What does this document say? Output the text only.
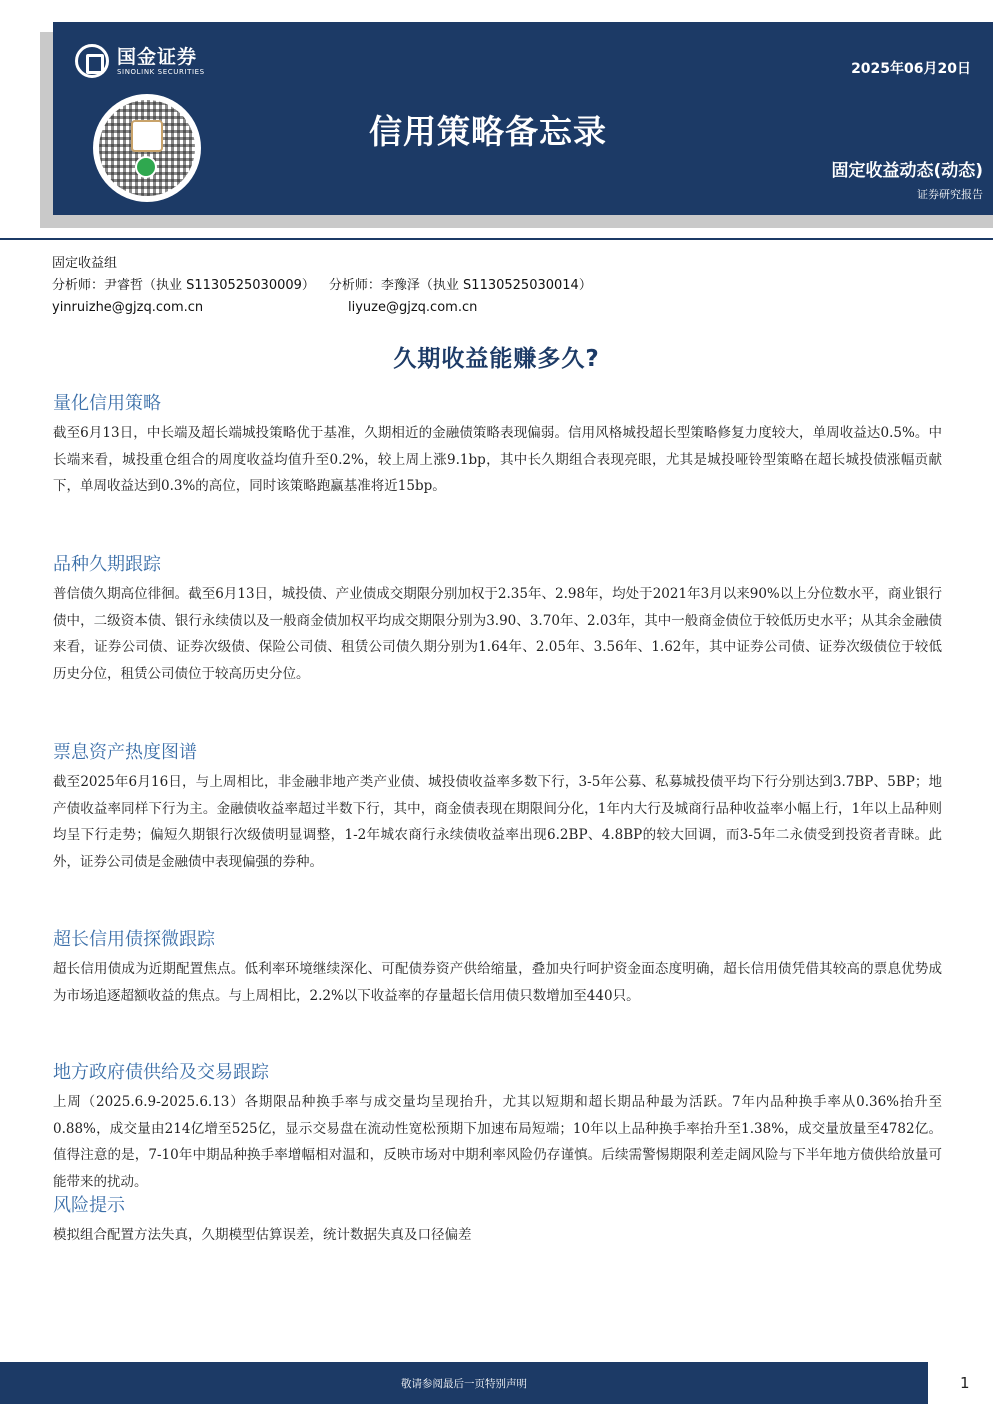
国金证券
SINOLINK SECURITIES	2025年06月20日
信用策略备忘录
固定收益动态(动态)
证券研究报告
固定收益组
分析师：尹睿哲（执业 S1130525030009） 分析师：李豫泽（执业 S1130525030014）
yinruizhe@gjzq.com.cn	liyuze@gjzq.com.cn
久期收益能赚多久?
量化信用策略

截至6月13日，中长端及超长端城投策略优于基准，久期相近的金融债策略表现偏弱。信用风格城投超长型策略修复力度较大，单周收益达0.5%。中长端来看，城投重仓组合的周度收益均值升至0.2%，较上周上涨9.1bp，其中长久期组合表现亮眼，尤其是城投哑铃型策略在超长城投债涨幅贡献下，单周收益达到0.3%的高位，同时该策略跑赢基准将近15bp。

品种久期跟踪

普信债久期高位徘徊。截至6月13日，城投债、产业债成交期限分别加权于2.35年、2.98年，均处于2021年3月以来90%以上分位数水平，商业银行债中，二级资本债、银行永续债以及一般商金债加权平均成交期限分别为3.90、3.70年、2.03年，其中一般商金债位于较低历史水平；从其余金融债来看，证券公司债、证券次级债、保险公司债、租赁公司债久期分别为1.64年、2.05年、3.56年、1.62年，其中证券公司债、证券次级债位于较低历史分位，租赁公司债位于较高历史分位。

票息资产热度图谱

截至2025年6月16日，与上周相比，非金融非地产类产业债、城投债收益率多数下行，3-5年公募、私募城投债平均下行分别达到3.7BP、5BP；地产债收益率同样下行为主。金融债收益率超过半数下行，其中，商金债表现在期限间分化，1年内大行及城商行品种收益率小幅上行，1年以上品种则均呈下行走势；偏短久期银行次级债明显调整，1-2年城农商行永续债收益率出现6.2BP、4.8BP的较大回调，而3-5年二永债受到投资者青睐。此外，证券公司债是金融债中表现偏强的券种。

超长信用债探微跟踪

超长信用债成为近期配置焦点。低利率环境继续深化、可配债券资产供给缩量，叠加央行呵护资金面态度明确，超长信用债凭借其较高的票息优势成为市场追逐超额收益的焦点。与上周相比，2.2%以下收益率的存量超长信用债只数增加至440只。

地方政府债供给及交易跟踪

上周（2025.6.9-2025.6.13）各期限品种换手率与成交量均呈现抬升，尤其以短期和超长期品种最为活跃。7年内品种换手率从0.36%抬升至0.88%，成交量由214亿增至525亿，显示交易盘在流动性宽松预期下加速布局短端；10年以上品种换手率抬升至1.38%，成交量放量至4782亿。值得注意的是，7-10年中期品种换手率增幅相对温和，反映市场对中期利率风险仍存谨慎。后续需警惕期限利差走阔风险与下半年地方债供给放量可能带来的扰动。

风险提示

模拟组合配置方法失真，久期模型估算误差，统计数据失真及口径偏差

敬请参阅最后一页特别声明	1
